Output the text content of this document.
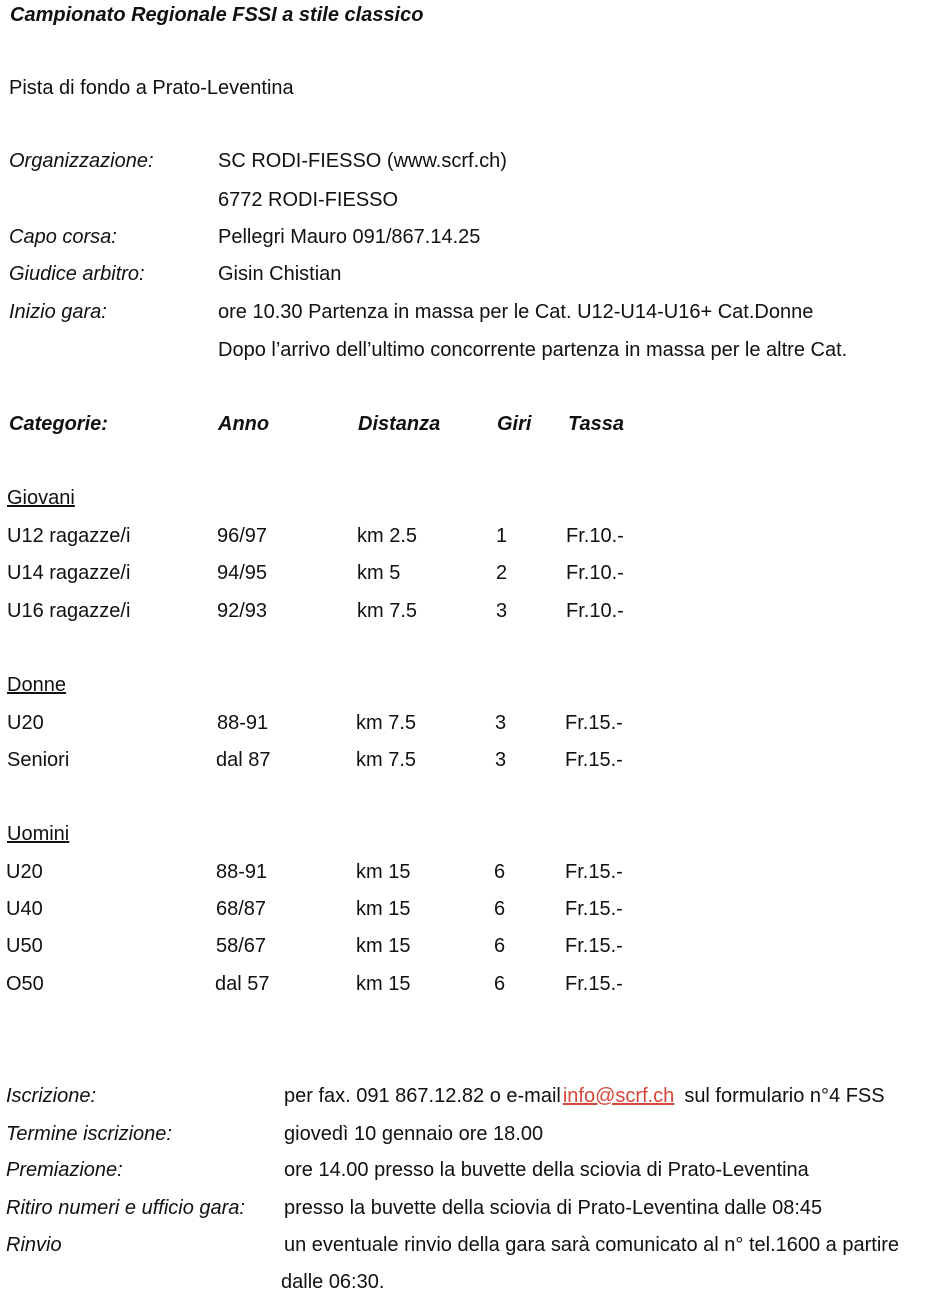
Campionato Regionale FSSI a stile classico
Pista di fondo a Prato-Leventina
Organizzazione:	SC RODI-FIESSO (www.scrf.ch)
6772 RODI-FIESSO
Capo corsa:	Pellegri Mauro 091/867.14.25
Giudice arbitro:	Gisin Chistian
Inizio gara:	ore 10.30 Partenza in massa per le Cat. U12-U14-U16+ Cat.Donne
Dopo l’arrivo dell’ultimo concorrente partenza in massa per le altre Cat.
Categorie:	Anno	Distanza	Giri Tassa
Giovani
U12 ragazze/i	96/97	km 2.5	1	Fr.10.-
U14 ragazze/i	94/95	km 5	2	Fr.10.-
U16 ragazze/i	92/93	km 7.5	3	Fr.10.-
Donne
U20	88-91	km 7.5	3	Fr.15.-
Seniori	dal 87	km 7.5	3	Fr.15.-
Uomini
U20	88-91	km 15	6	Fr.15.-
U40	68/87	km 15	6	Fr.15.-
U50	58/67	km 15	6	Fr.15.-
O50	dal 57	km 15	6	Fr.15.-
Iscrizione:	per fax. 091 867.12.82 o e-mail info@scrf.ch sul formulario n°4 FSS
Termine iscrizione:	giovedì 10 gennaio ore 18.00
Premiazione:	ore 14.00 presso la buvette della sciovia di Prato-Leventina
Ritiro numeri e ufficio gara: presso la buvette della sciovia di Prato-Leventina dalle 08:45
Rinvio	un eventuale rinvio della gara sarà comunicato al n° tel.1600 a partire
dalle 06:30.
